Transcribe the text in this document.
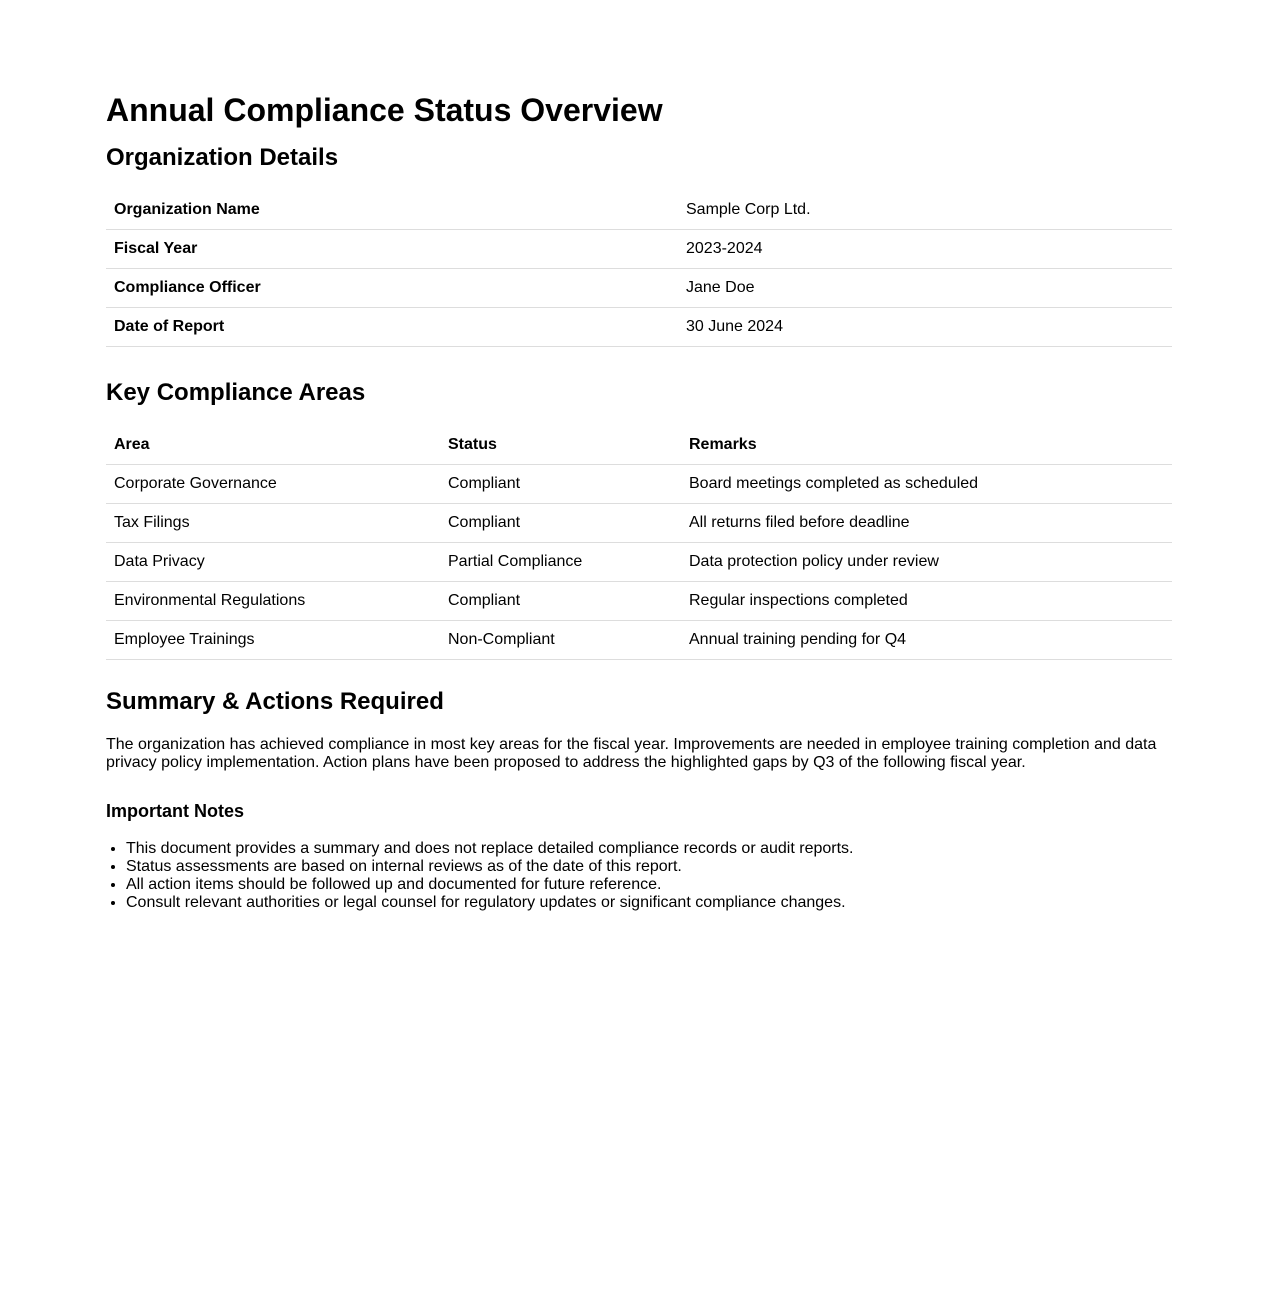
Annual Compliance Status Overview
Organization Details
Organization Name	Sample Corp Ltd.
Fiscal Year	2023-2024
Compliance Officer	Jane Doe
Date of Report	30 June 2024
Key Compliance Areas
Area	Status	Remarks
Corporate Governance	Compliant	Board meetings completed as scheduled
Tax Filings	Compliant	All returns filed before deadline
Data Privacy	Partial Compliance	Data protection policy under review
Environmental Regulations	Compliant	Regular inspections completed
Employee Trainings	Non-Compliant	Annual training pending for Q4
Summary & Actions Required

The organization has achieved compliance in most key areas for the fiscal year. Improvements are needed in employee training completion and data privacy policy implementation. Action plans have been proposed to address the highlighted gaps by Q3 of the following fiscal year.

Important Notes
• This document provides a summary and does not replace detailed compliance records or audit reports.
• Status assessments are based on internal reviews as of the date of this report.
• All action items should be followed up and documented for future reference.
• Consult relevant authorities or legal counsel for regulatory updates or significant compliance changes.
